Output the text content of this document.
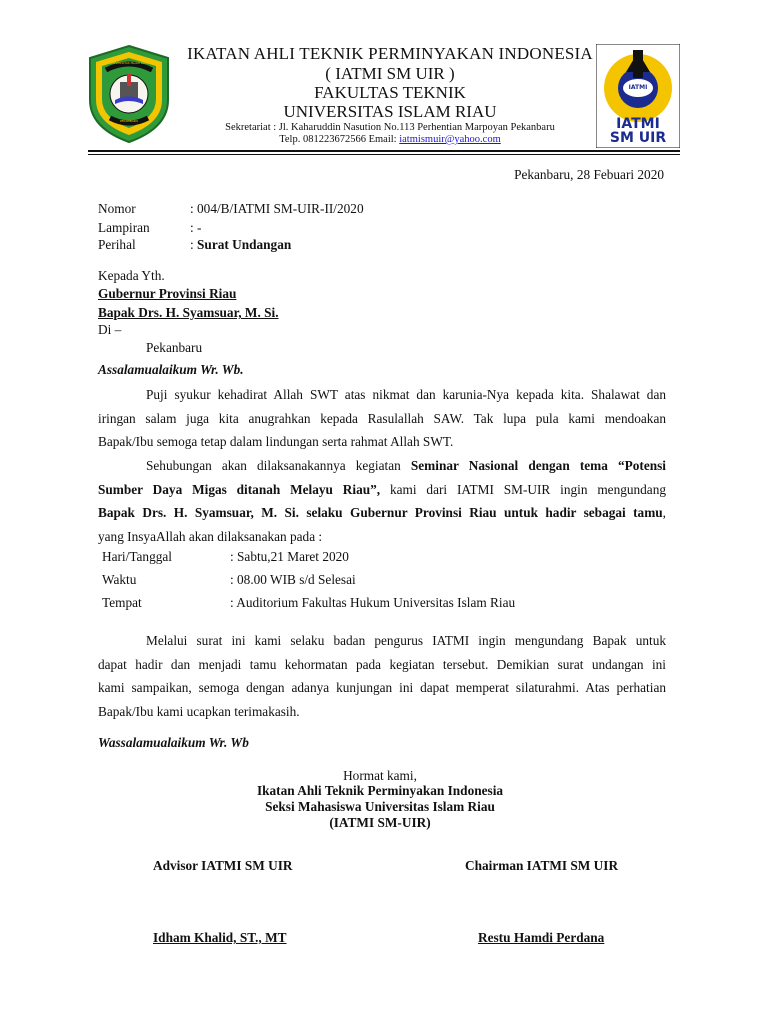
UNIVERSITAS ISLAM RIAU
PEKANBARU
IATMI
IATMI
SM UIR
IKATAN AHLI TEKNIK PERMINYAKAN INDONESIA
( IATMI SM UIR )
FAKULTAS TEKNIK
UNIVERSITAS ISLAM RIAU
Sekretariat : Jl. Kaharuddin Nasution No.113 Perhentian Marpoyan Pekanbaru
Telp. 081223672566 Email: iatmismuir@yahoo.com
Pekanbaru, 28 Febuari 2020
Nomor	: 004/B/IATMI SM-UIR-II/2020
Lampiran	: -
Perihal	: Surat Undangan
Kepada Yth.
Gubernur Provinsi Riau
Bapak Drs. H. Syamsuar, M. Si.
Di –
Pekanbaru
Assalamualaikum Wr. Wb.
Puji syukur kehadirat Allah SWT atas nikmat dan karunia-Nya kepada kita. Shalawat dan
iringan salam juga kita anugrahkan kepada Rasulallah SAW. Tak lupa pula kami mendoakan
Bapak/Ibu semoga tetap dalam lindungan serta rahmat Allah SWT.
Sehubungan akan dilaksanakannya kegiatan Seminar Nasional dengan tema “Potensi
Sumber Daya Migas ditanah Melayu Riau”, kami dari IATMI SM-UIR ingin mengundang
Bapak Drs. H. Syamsuar, M. Si. selaku Gubernur Provinsi Riau untuk hadir sebagai tamu,
yang InsyaAllah akan dilaksanakan pada :
Hari/Tanggal	: Sabtu,21 Maret 2020
Waktu	: 08.00 WIB s/d Selesai
Tempat	: Auditorium Fakultas Hukum Universitas Islam Riau
Melalui surat ini kami selaku badan pengurus IATMI ingin mengundang Bapak untuk
dapat hadir dan menjadi tamu kehormatan pada kegiatan tersebut. Demikian surat undangan ini
kami sampaikan, semoga dengan adanya kunjungan ini dapat memperat silaturahmi. Atas perhatian
Bapak/Ibu kami ucapkan terimakasih.
Wassalamualaikum Wr. Wb
Hormat kami,
Ikatan Ahli Teknik Perminyakan Indonesia
Seksi Mahasiswa Universitas Islam Riau
(IATMI SM-UIR)
Advisor IATMI SM UIR	Chairman IATMI SM UIR
Idham Khalid, ST., MT	Restu Hamdi Perdana
